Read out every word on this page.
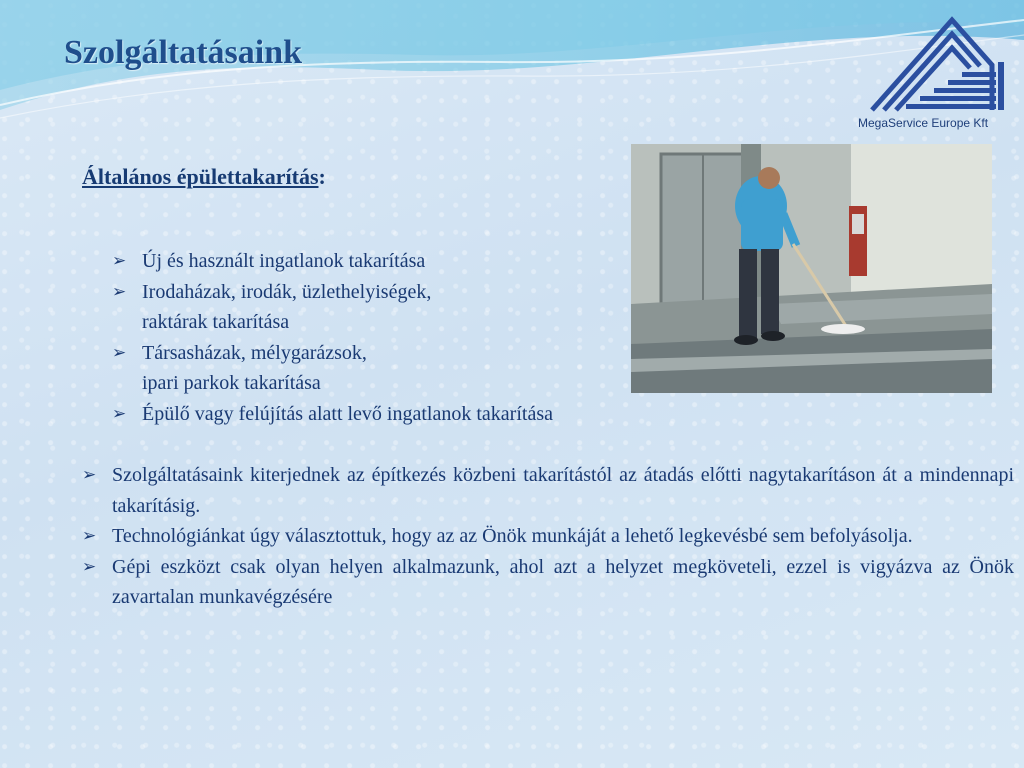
Szolgáltatásaink
MegaService Europe Kft
Általános épülettakarítás:
➢ Új és használt ingatlanok takarítása
➢ Irodaházak, irodák, üzlethelyiségek,
raktárak takarítása
➢ Társasházak, mélygarázsok,
ipari parkok takarítása
➢ Épülő vagy felújítás alatt levő ingatlanok takarítása
➢ Szolgáltatásaink kiterjednek az építkezés közbeni takarítástól az átadás előtti nagytakarításon át a mindennapi takarításig.
➢ Technológiánkat úgy választottuk, hogy az az Önök munkáját a lehető legkevésbé sem befolyásolja.
➢ Gépi eszközt csak olyan helyen alkalmazunk, ahol azt a helyzet megköveteli, ezzel is vigyázva az Önök zavartalan munkavégzésére
